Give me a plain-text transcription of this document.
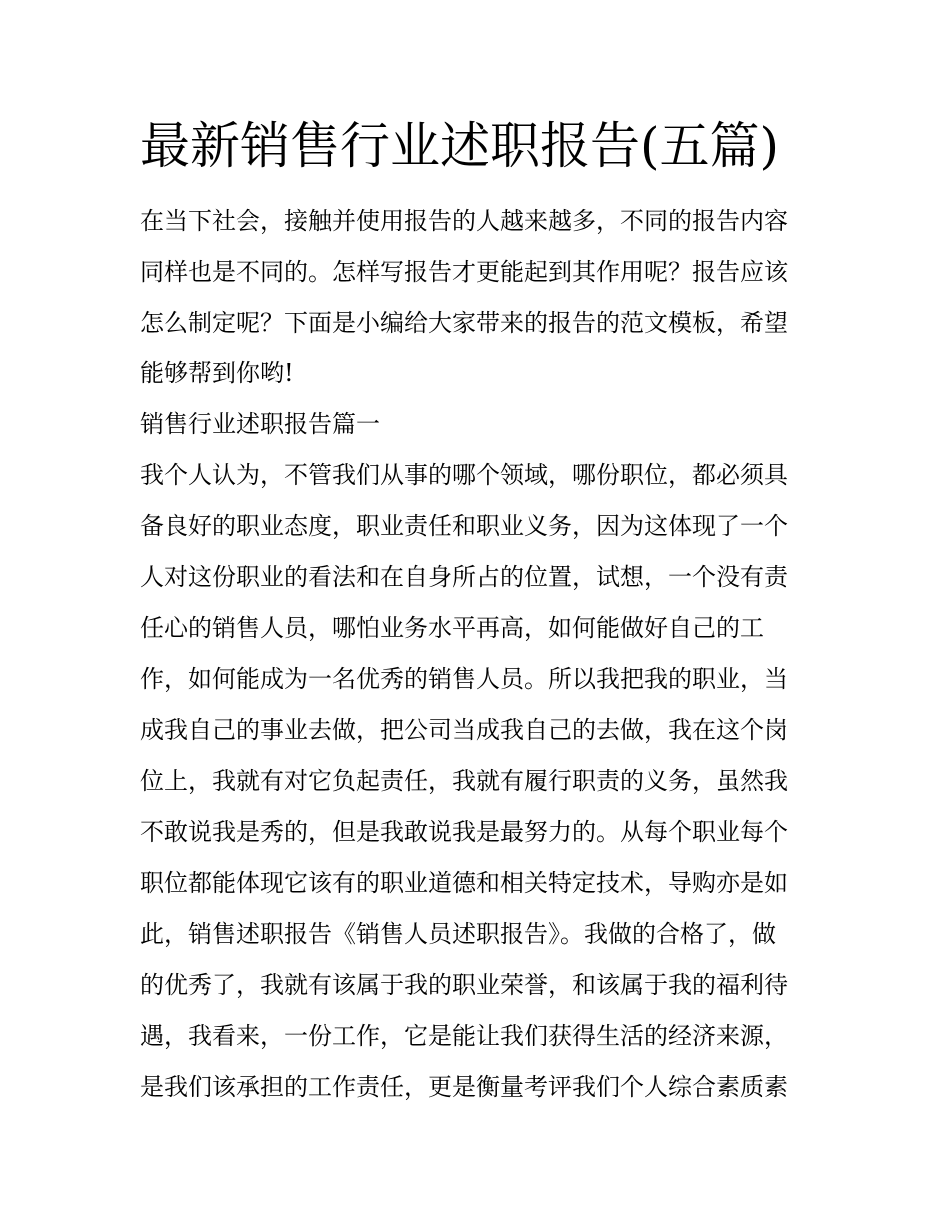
最新销售行业述职报告(五篇)

在当下社会，接触并使用报告的人越来越多，不同的报告内容

同样也是不同的。怎样写报告才更能起到其作用呢？报告应该

怎么制定呢？下面是小编给大家带来的报告的范文模板，希望

能够帮到你哟!

销售行业述职报告篇一

我个人认为，不管我们从事的哪个领域，哪份职位，都必须具

备良好的职业态度，职业责任和职业义务，因为这体现了一个

人对这份职业的看法和在自身所占的位置，试想，一个没有责

任心的销售人员，哪怕业务水平再高，如何能做好自己的工

作，如何能成为一名优秀的销售人员。所以我把我的职业，当

成我自己的事业去做，把公司当成我自己的去做，我在这个岗

位上，我就有对它负起责任，我就有履行职责的义务，虽然我

不敢说我是秀的，但是我敢说我是最努力的。从每个职业每个

职位都能体现它该有的职业道德和相关特定技术，导购亦是如

此，销售述职报告《销售人员述职报告》。我做的合格了，做

的优秀了，我就有该属于我的职业荣誉，和该属于我的福利待

遇，我看来，一份工作，它是能让我们获得生活的经济来源，

是我们该承担的工作责任，更是衡量考评我们个人综合素质素
